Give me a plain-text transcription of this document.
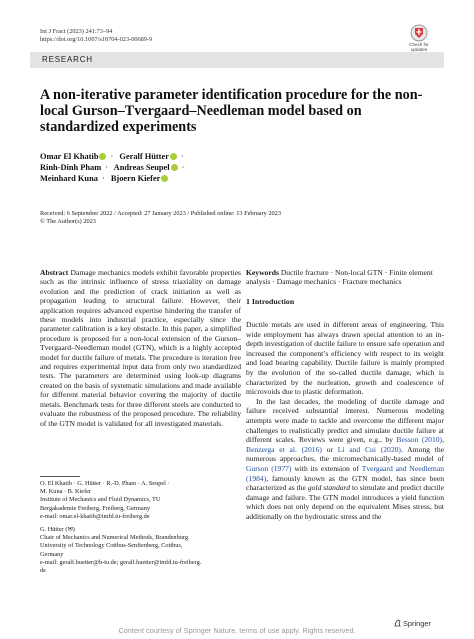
Int J Fract (2023) 241:73–94
https://doi.org/10.1007/s10704-023-00689-9
Check for
updates
RESEARCH
A non-iterative parameter identification procedure for the non-local Gurson–Tvergaard–Needleman model based on standardized experiments
Omar El Khatib · Geralf Hütter ·
Rinh-Dinh Pham · Andreas Seupel ·
Meinhard Kuna · Bjoern Kiefer
Received: 6 September 2022 / Accepted: 27 January 2023 / Published online: 13 February 2023
© The Author(s) 2023
Abstract Damage mechanics models exhibit favorable properties such as the intrinsic influence of stress triaxiality on damage evolution and the prediction of crack initiation as well as propagation leading to structural failure. However, their application requires advanced expertise hindering the transfer of these models into industrial practice, especially since the parameter calibration is a key obstacle. In this paper, a simplified procedure is proposed for a non-local extension of the Gurson–Tvergaard–Needleman model (GTN), which is a highly accepted model for ductile failure of metals. The procedure is iteration free and requires experimental input data from only two standardized tests. The parameters are determined using look-up diagrams created on the basis of systematic simulations and made available for different material behavior covering the majority of ductile metals. Benchmark tests for three different steels are conducted to evaluate the robustness of the proposed procedure. The reliability of the GTN model is validated for all investigated materials.

O. El Khatib · G. Hütter · R.-D. Pham · A. Seupel ·

M. Kuna · B. Kiefer

Institute of Mechanics and Fluid Dynamics, TU

Bergakademie Freiberg, Freiberg, Germany

e-mail: omar.el-khatib@imfd.tu-freiberg.de

G. Hütter (✉)

Chair of Mechanics and Numerical Methods, Brandenburg

University of Technology Cottbus-Senftenberg, Cottbus,

Germany

e-mail: geralf.huetter@b-tu.de; geralf.huetter@imfd.tu-freiberg.

de

Keywords Ductile fracture · Non-local GTN · Finite element analysis · Damage mechanics · Fracture mechanics
1 Introduction

Ductile metals are used in different areas of engineering. This wide employment has always drawn special attention to an in-depth investigation of ductile failure to ensure safe operation and increased the component’s efficiency with respect to its weight and load bearing capability. Ductile failure is mainly prompted by the evolution of the so-called ductile damage, which is characterized by the nucleation, growth and coalescence of microvoids due to plastic deformation.

In the last decades, the modeling of ductile damage and failure received substantial interest. Numerous modeling attempts were made to tackle and overcome the different major challenges to realistically predict and simulate ductile failure at different scales. Reviews were given, e.g., by Besson (2010), Benzerga et al. (2016) or Li and Cui (2020). Among the numerous approaches, the micromechanically-based model of Gurson (1977) with its extension of Tvergaard and Needleman (1984), famously known as the GTN model, has since been characterized as the gold standard to simulate and predict ductile damage and failure. The GTN model introduces a yield function which does not only depend on the equivalent Mises stress, but additionally on the hydrostatic stress and the

Springer
Content courtesy of Springer Nature, terms of use apply. Rights reserved.
